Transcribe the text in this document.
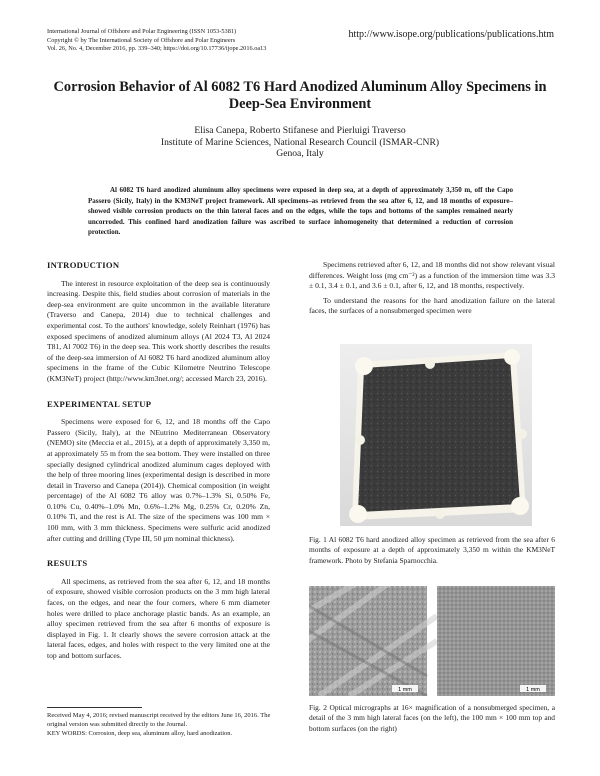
International Journal of Offshore and Polar Engineering (ISSN 1053-5381)
Copyright © by The International Society of Offshore and Polar Engineers
Vol. 26, No. 4, December 2016, pp. 339–340; https://doi.org/10.17736/ijope.2016.oa13
http://www.isope.org/publications/publications.htm
Corrosion Behavior of Al 6082 T6 Hard Anodized Aluminum Alloy Specimens in Deep-Sea Environment
Elisa Canepa, Roberto Stifanese and Pierluigi Traverso
Institute of Marine Sciences, National Research Council (ISMAR-CNR)
Genoa, Italy

Al 6082 T6 hard anodized aluminum alloy specimens were exposed in deep sea, at a depth of approximately 3,350 m, off the Capo Passero (Sicily, Italy) in the KM3NeT project framework. All specimens–as retrieved from the sea after 6, 12, and 18 months of exposure–showed visible corrosion products on the thin lateral faces and on the edges, while the tops and bottoms of the samples remained nearly uncorroded. This confined hard anodization failure was ascribed to surface inhomogeneity that determined a reduction of corrosion protection.

INTRODUCTION

The interest in resource exploitation of the deep sea is continuously increasing. Despite this, field studies about corrosion of materials in the deep-sea environment are quite uncommon in the available literature (Traverso and Canepa, 2014) due to technical challenges and experimental cost. To the authors' knowledge, solely Reinhart (1976) has exposed specimens of anodized aluminum alloys (Al 2024 T3, Al 2024 T81, Al 7002 T6) in the deep sea. This work shortly describes the results of the deep-sea immersion of Al 6082 T6 hard anodized aluminum alloy specimens in the frame of the Cubic Kilometre Neutrino Telescope (KM3NeT) project (http://www.km3net.org/; accessed March 23, 2016).

EXPERIMENTAL SETUP

Specimens were exposed for 6, 12, and 18 months off the Capo Passero (Sicily, Italy), at the NEutrino Mediterranean Observatory (NEMO) site (Meccia et al., 2015), at a depth of approximately 3,350 m, at approximately 55 m from the sea bottom. They were installed on three specially designed cylindrical anodized aluminum cages deployed with the help of three mooring lines (experimental design is described in more detail in Traverso and Canepa (2014)). Chemical composition (in weight percentage) of the Al 6082 T6 alloy was 0.7%–1.3% Si, 0.50% Fe, 0.10% Cu, 0.40%–1.0% Mn, 0.6%–1.2% Mg, 0.25% Cr, 0.20% Zn, 0.10% Ti, and the rest is Al. The size of the specimens was 100 mm × 100 mm, with 3 mm thickness. Specimens were sulfuric acid anodized after cutting and drilling (Type III, 50 μm nominal thickness).

RESULTS

All specimens, as retrieved from the sea after 6, 12, and 18 months of exposure, showed visible corrosion products on the 3 mm high lateral faces, on the edges, and near the four corners, where 6 mm diameter holes were drilled to place anchorage plastic bands. As an example, an alloy specimen retrieved from the sea after 6 months of exposure is displayed in Fig. 1. It clearly shows the severe corrosion attack at the lateral faces, edges, and holes with respect to the very limited one at the top and bottom surfaces.

Specimens retrieved after 6, 12, and 18 months did not show relevant visual differences. Weight loss (mg cm⁻²) as a function of the immersion time was 3.3 ± 0.1, 3.4 ± 0.1, and 3.6 ± 0.1, after 6, 12, and 18 months, respectively.

To understand the reasons for the hard anodization failure on the lateral faces, the surfaces of a nonsubmerged specimen were

Fig. 1 Al 6082 T6 hard anodized alloy specimen as retrieved from the sea after 6 months of exposure at a depth of approximately 3,350 m within the KM3NeT framework. Photo by Stefania Sparnocchia.

1 mm	1 mm

Fig. 2 Optical micrographs at 16× magnification of a nonsubmerged specimen, a detail of the 3 mm high lateral faces (on the left), the 100 mm × 100 mm top and bottom surfaces (on the right)

Received May 4, 2016; revised manuscript received by the editors June 16, 2016. The original version was submitted directly to the Journal.
KEY WORDS: Corrosion, deep sea, aluminum alloy, hard anodization.
